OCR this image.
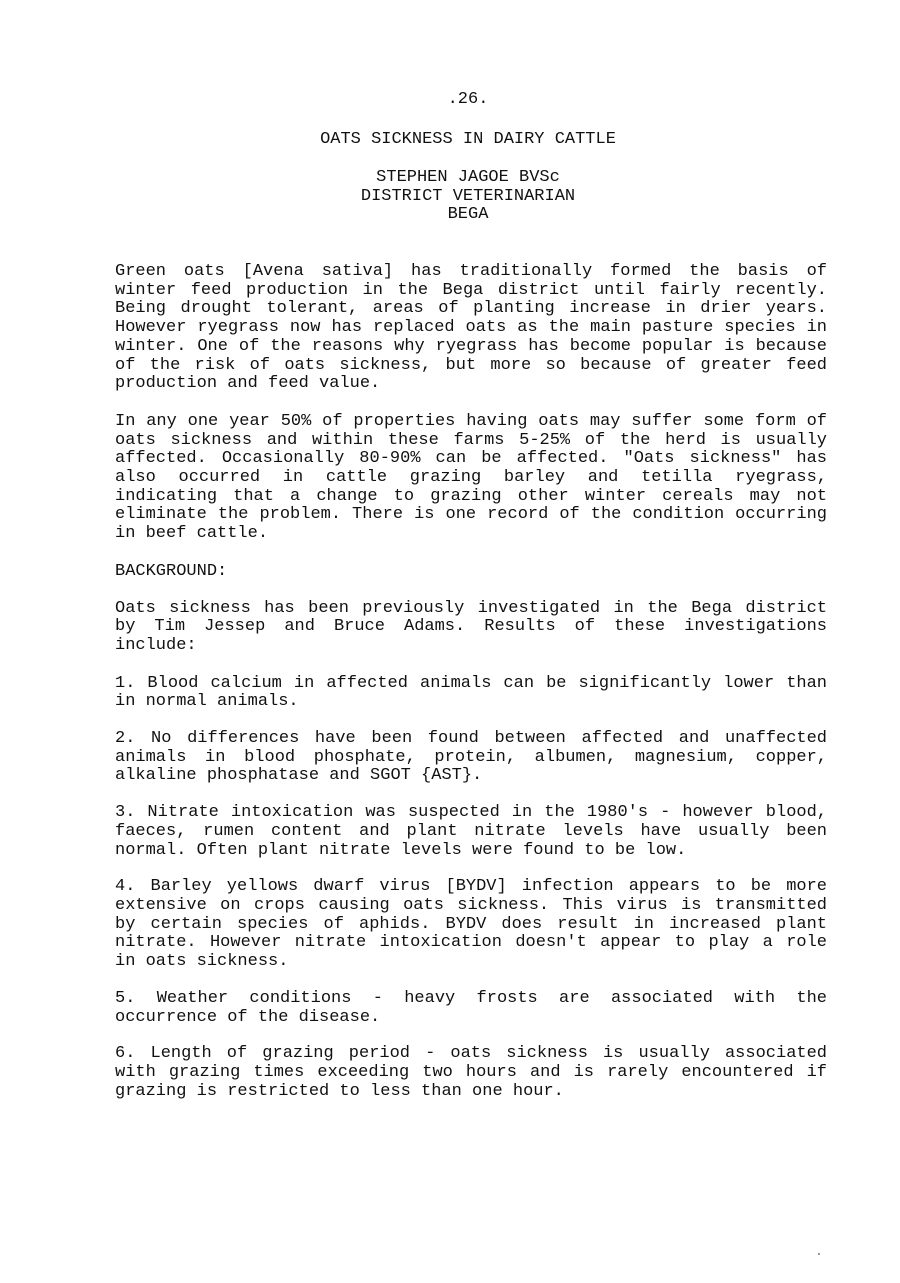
.26.
OATS SICKNESS IN DAIRY CATTLE
STEPHEN JAGOE BVSc
DISTRICT VETERINARIAN
BEGA

Green oats [Avena sativa] has traditionally formed the basis of winter feed production in the Bega district until fairly recently. Being drought tolerant, areas of planting increase in drier years. However ryegrass now has replaced oats as the main pasture species in winter. One of the reasons why ryegrass has become popular is because of the risk of oats sickness, but more so because of greater feed production and feed value.

In any one year 50% of properties having oats may suffer some form of oats sickness and within these farms 5-25% of the herd is usually affected. Occasionally 80-90% can be affected. "Oats sickness" has also occurred in cattle grazing barley and tetilla ryegrass, indicating that a change to grazing other winter cereals may not eliminate the problem. There is one record of the condition occurring in beef cattle.

BACKGROUND:

Oats sickness has been previously investigated in the Bega district by Tim Jessep and Bruce Adams. Results of these investigations include:

1. Blood calcium in affected animals can be significantly lower than in normal animals.

2. No differences have been found between affected and unaffected animals in blood phosphate, protein, albumen, magnesium, copper, alkaline phosphatase and SGOT {AST}.

3. Nitrate intoxication was suspected in the 1980's - however blood, faeces, rumen content and plant nitrate levels have usually been normal. Often plant nitrate levels were found to be low.

4. Barley yellows dwarf virus [BYDV] infection appears to be more extensive on crops causing oats sickness. This virus is transmitted by certain species of aphids. BYDV does result in increased plant nitrate. However nitrate intoxication doesn't appear to play a role in oats sickness.

5. Weather conditions - heavy frosts are associated with the occurrence of the disease.

6. Length of grazing period - oats sickness is usually associated with grazing times exceeding two hours and is rarely encountered if grazing is restricted to less than one hour.
